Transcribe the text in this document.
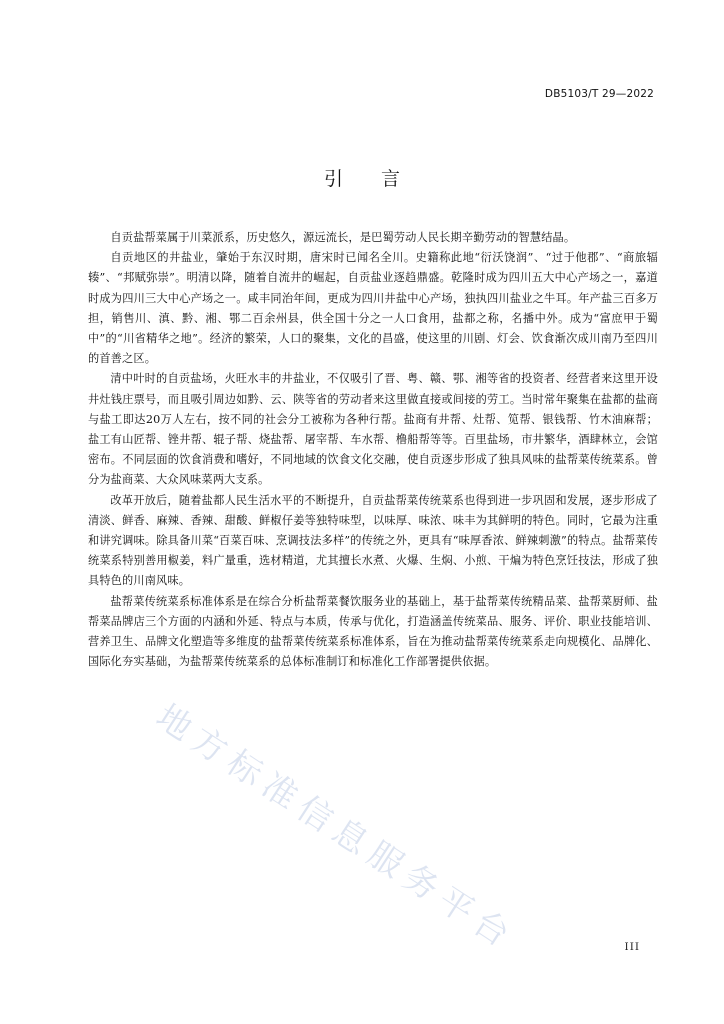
DB5103/T 29—2022
引言

自贡盐帮菜属于川菜派系，历史悠久，源远流长，是巴蜀劳动人民长期辛勤劳动的智慧结晶。

自贡地区的井盐业，肇始于东汉时期，唐宋时已闻名全川。史籍称此地“衍沃饶润”、“过于他郡”、“商旅辐辏”、“邦赋弥崇”。明清以降，随着自流井的崛起，自贡盐业逐趋鼎盛。乾隆时成为四川五大中心产场之一，嘉道时成为四川三大中心产场之一。咸丰同治年间，更成为四川井盐中心产场，独执四川盐业之牛耳。年产盐三百多万担，销售川、滇、黔、湘、鄂二百余州县，供全国十分之一人口食用，盐都之称，名播中外。成为“富庶甲于蜀中”的“川省精华之地”。经济的繁荣，人口的聚集，文化的昌盛，使这里的川剧、灯会、饮食渐次成川南乃至四川的首善之区。

清中叶时的自贡盐场，火旺水丰的井盐业，不仅吸引了晋、粤、赣、鄂、湘等省的投资者、经营者来这里开设井灶钱庄票号，而且吸引周边如黔、云、陕等省的劳动者来这里做直接或间接的劳工。当时常年聚集在盐都的盐商与盐工即达20万人左右，按不同的社会分工被称为各种行帮。盐商有井帮、灶帮、笕帮、银钱帮、竹木油麻帮；盐工有山匠帮、锉井帮、辊子帮、烧盐帮、屠宰帮、车水帮、橹船帮等等。百里盐场，市井繁华，酒肆林立，会馆密布。不同层面的饮食消费和嗜好，不同地域的饮食文化交融，使自贡逐步形成了独具风味的盐帮菜传统菜系。曾分为盐商菜、大众风味菜两大支系。

改革开放后，随着盐都人民生活水平的不断提升，自贡盐帮菜传统菜系也得到进一步巩固和发展，逐步形成了清淡、鲜香、麻辣、香辣、甜酸、鲜椒仔姜等独特味型，以味厚、味浓、味丰为其鲜明的特色。同时，它最为注重和讲究调味。除具备川菜“百菜百味、烹调技法多样”的传统之外，更具有“味厚香浓、鲜辣刺激”的特点。盐帮菜传统菜系特别善用椒姜，料广量重，选材精道，尤其擅长水煮、火爆、生焖、小煎、干煸为特色烹饪技法，形成了独具特色的川南风味。

盐帮菜传统菜系标准体系是在综合分析盐帮菜餐饮服务业的基础上，基于盐帮菜传统精品菜、盐帮菜厨师、盐帮菜品牌店三个方面的内涵和外延、特点与本质，传承与优化，打造涵盖传统菜品、服务、评价、职业技能培训、营养卫生、品牌文化塑造等多维度的盐帮菜传统菜系标准体系，旨在为推动盐帮菜传统菜系走向规模化、品牌化、国际化夯实基础，为盐帮菜传统菜系的总体标准制订和标准化工作部署提供依据。

地方标准信息服务平台	III
